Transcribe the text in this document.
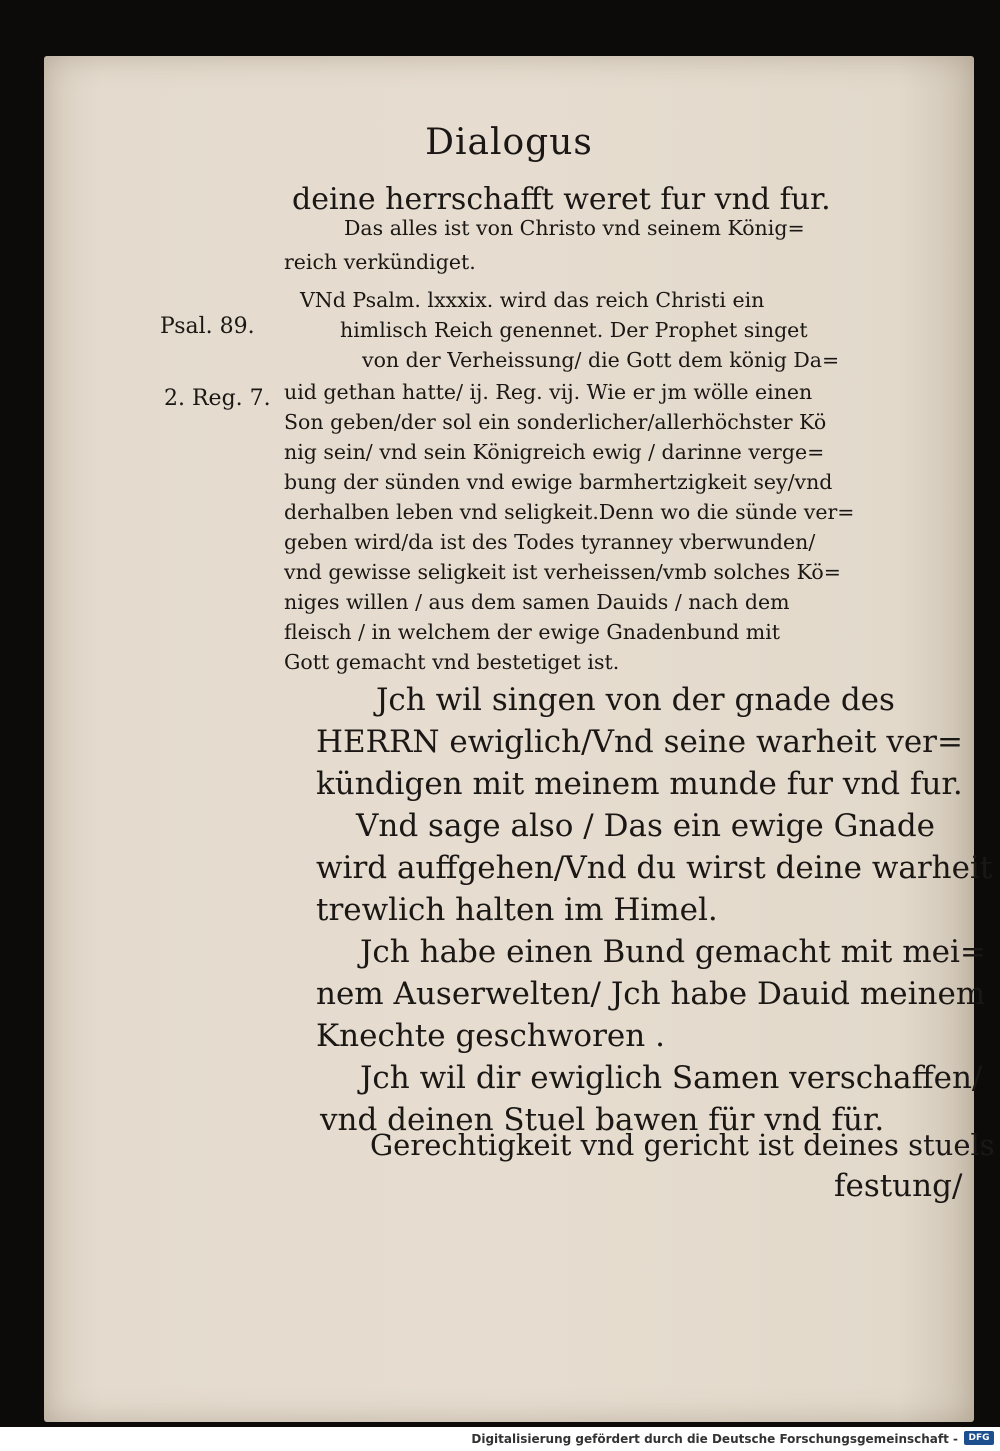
Dialogus
Psal. 89.
2. Reg. 7.
deine herrschafft weret fur vnd fur.
Das alles ist von Christo vnd seinem König=
reich verkündiget.
VNd Psalm. lxxxix. wird das reich Christi ein
himlisch Reich genennet. Der Prophet singet
von der Verheissung/ die Gott dem könig Da=
uid gethan hatte/ ij. Reg. vij. Wie er jm wölle einen
Son geben/der sol ein sonderlicher/allerhöchster Kö
nig sein/ vnd sein Königreich ewig / darinne verge=
bung der sünden vnd ewige barmhertzigkeit sey/vnd
derhalben leben vnd seligkeit.Denn wo die sünde ver=
geben wird/da ist des Todes tyranney vberwunden/
vnd gewisse seligkeit ist verheissen/vmb solches Kö=
niges willen / aus dem samen Dauids / nach dem
fleisch / in welchem der ewige Gnadenbund mit
Gott gemacht vnd bestetiget ist.
Jch wil singen von der gnade des
HERRN ewiglich/Vnd seine warheit ver=
kündigen mit meinem munde fur vnd fur.
Vnd sage also / Das ein ewige Gnade
wird auffgehen/Vnd du wirst deine warheit
trewlich halten im Himel.
Jch habe einen Bund gemacht mit mei=
nem Auserwelten/ Jch habe Dauid meinem
Knechte geschworen .
Jch wil dir ewiglich Samen verschaffen/
vnd deinen Stuel bawen für vnd für.
Gerechtigkeit vnd gericht ist deines stuels
festung/
Digitalisierung gefördert durch die Deutsche Forschungsgemeinschaft -	DFG
